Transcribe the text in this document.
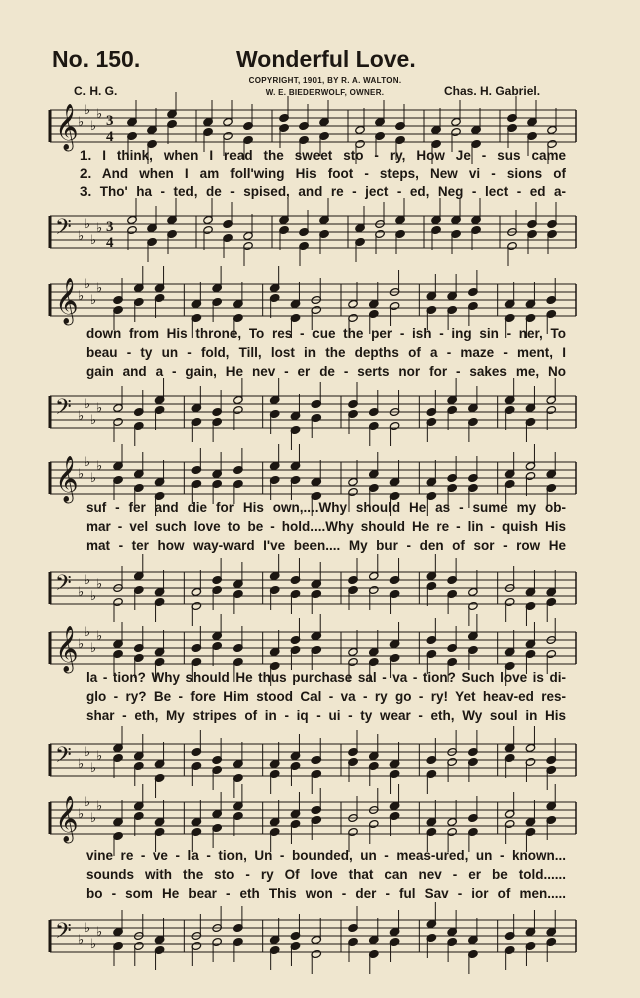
No. 150.	Wonderful Love.
COPYRIGHT, 1901, BY R. A. WALTON.
W. E. BIEDERWOLF, OWNER.
C. H. G.	Chas. H. Gabriel.
𝄞 ♭
♭
♭
♭ 3
4
1. I think, when I read the sweet sto - ry, How Je - sus came
2. And when I am foll'wing His foot - steps, New vi - sions of
3. Tho' ha - ted, de - spised, and re - ject - ed, Neg - lect - ed a-
𝄢 ♭
♭
♭
♭ 3
4
𝄞 ♭
♭
♭
♭
down from His throne, To res - cue the per - ish - ing sin - ner, To
beau - ty un - fold, Till, lost in the depths of a - maze - ment, I
gain and a - gain, He nev - er de - serts nor for - sakes me, No
𝄢 ♭
♭
♭
♭
𝄞 ♭
♭
♭
♭
suf - fer and die for His own,....Why should He as - sume my ob-
mar - vel such love to be - hold....Why should He re - lin - quish His
mat - ter how way-ward I've been.... My bur - den of sor - row He
𝄢 ♭
♭
♭
♭
𝄞 ♭
♭
♭
♭
la - tion? Why should He thus purchase sal - va - tion? Such love is di-
glo - ry? Be - fore Him stood Cal - va - ry go - ry! Yet heav-ed res-
shar - eth, My stripes of in - iq - ui - ty wear - eth, Wy soul in His
𝄢 ♭
♭
♭
♭
𝄞 ♭
♭
♭
♭
vine re - ve - la - tion, Un - bounded, un - meas-ured, un - known...
sounds with the sto - ry Of love that can nev - er be told......
bo - som He bear - eth This won - der - ful Sav - ior of men.....
𝄢 ♭
♭
♭
♭
